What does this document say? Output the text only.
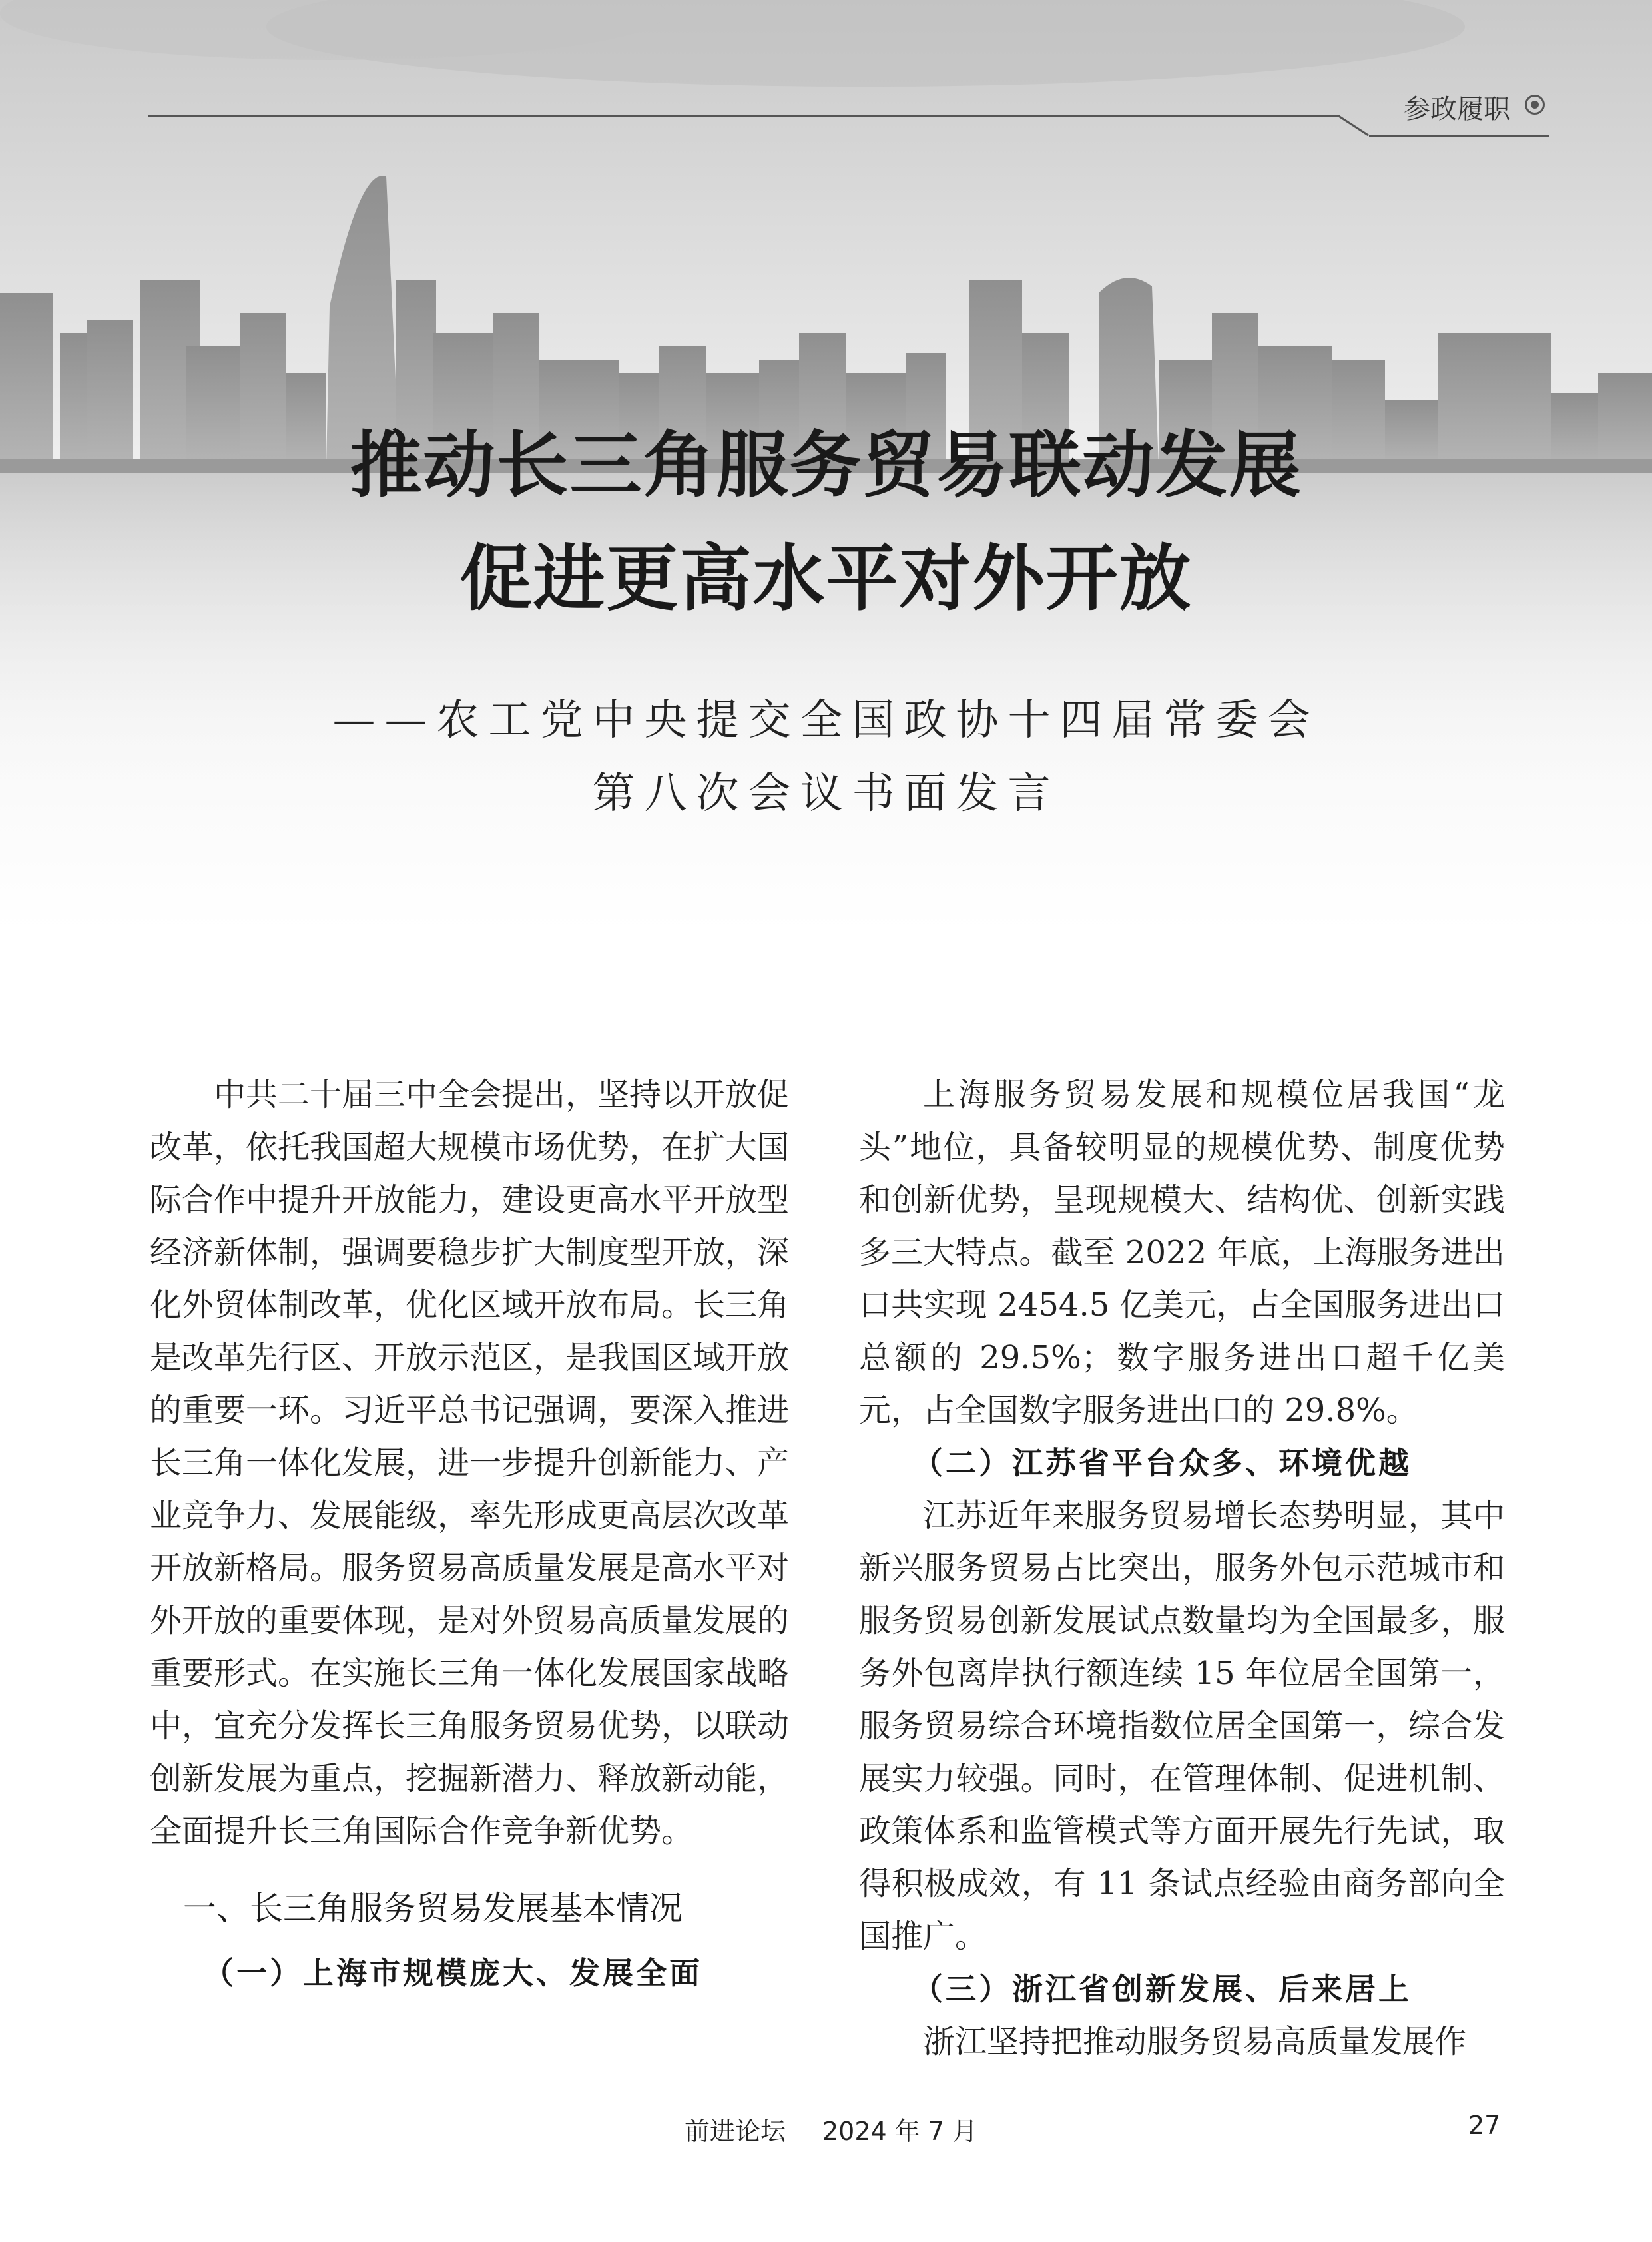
参政履职
推动长三角服务贸易联动发展
促进更高水平对外开放
——农工党中央提交全国政协十四届常委会
第八次会议书面发言

中共二十届三中全会提出，坚持以开放促改革，依托我国超大规模市场优势，在扩大国际合作中提升开放能力，建设更高水平开放型经济新体制，强调要稳步扩大制度型开放，深化外贸体制改革，优化区域开放布局。长三角是改革先行区、开放示范区，是我国区域开放的重要一环。习近平总书记强调，要深入推进长三角一体化发展，进一步提升创新能力、产业竞争力、发展能级，率先形成更高层次改革开放新格局。服务贸易高质量发展是高水平对外开放的重要体现，是对外贸易高质量发展的重要形式。在实施长三角一体化发展国家战略中，宜充分发挥长三角服务贸易优势，以联动创新发展为重点，挖掘新潜力、释放新动能，全面提升长三角国际合作竞争新优势。

一、长三角服务贸易发展基本情况
（一）上海市规模庞大、发展全面

上海服务贸易发展和规模位居我国“龙头”地位，具备较明显的规模优势、制度优势和创新优势，呈现规模大、结构优、创新实践多三大特点。截至 2022 年底，上海服务进出口共实现 2454.5 亿美元，占全国服务进出口总额的 29.5%；数字服务进出口超千亿美元，占全国数字服务进出口的 29.8%。

（二）江苏省平台众多、环境优越

江苏近年来服务贸易增长态势明显，其中新兴服务贸易占比突出，服务外包示范城市和服务贸易创新发展试点数量均为全国最多，服务外包离岸执行额连续 15 年位居全国第一，服务贸易综合环境指数位居全国第一，综合发展实力较强。同时，在管理体制、促进机制、政策体系和监管模式等方面开展先行先试，取得积极成效，有 11 条试点经验由商务部向全国推广。

（三）浙江省创新发展、后来居上

浙江坚持把推动服务贸易高质量发展作

前进论坛 2024 年 7 月	27
